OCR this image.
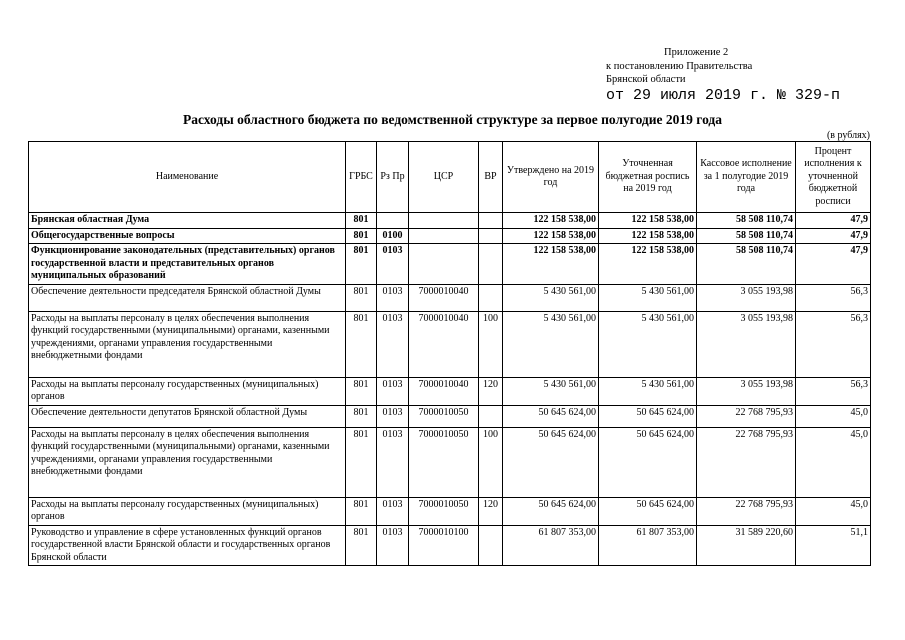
Приложение 2
к постановлению Правительства
Брянской области
от 29 июля 2019 г. № 329-п
Расходы областного бюджета по ведомственной структуре за первое полугодие 2019 года
(в рублях)
Наименование	ГРБС	Рз Пр	ЦСР	ВР	Утверждено на 2019 год	Уточненная бюджетная роспись на 2019 год	Кассовое исполнение за 1 полугодие 2019 года	Процент исполнения к уточненной бюджетной росписи
Брянская областная Дума	801				122 158 538,00	122 158 538,00	58 508 110,74	47,9
Общегосударственные вопросы	801	0100			122 158 538,00	122 158 538,00	58 508 110,74	47,9
Функционирование законодательных (представительных) органов государственной власти и представительных органов муниципальных образований	801	0103			122 158 538,00	122 158 538,00	58 508 110,74	47,9
Обеспечение деятельности председателя Брянской областной Думы	801	0103	7000010040		5 430 561,00	5 430 561,00	3 055 193,98	56,3
Расходы на выплаты персоналу в целях обеспечения выполнения функций государственными (муниципальными) органами, казенными учреждениями, органами управления государственными внебюджетными фондами	801	0103	7000010040	100	5 430 561,00	5 430 561,00	3 055 193,98	56,3
Расходы на выплаты персоналу государственных (муниципальных) органов	801	0103	7000010040	120	5 430 561,00	5 430 561,00	3 055 193,98	56,3
Обеспечение деятельности депутатов Брянской областной Думы	801	0103	7000010050		50 645 624,00	50 645 624,00	22 768 795,93	45,0
Расходы на выплаты персоналу в целях обеспечения выполнения функций государственными (муниципальными) органами, казенными учреждениями, органами управления государственными внебюджетными фондами	801	0103	7000010050	100	50 645 624,00	50 645 624,00	22 768 795,93	45,0
Расходы на выплаты персоналу государственных (муниципальных) органов	801	0103	7000010050	120	50 645 624,00	50 645 624,00	22 768 795,93	45,0
Руководство и управление в сфере установленных функций органов государственной власти Брянской области и государственных органов Брянской области	801	0103	7000010100		61 807 353,00	61 807 353,00	31 589 220,60	51,1
